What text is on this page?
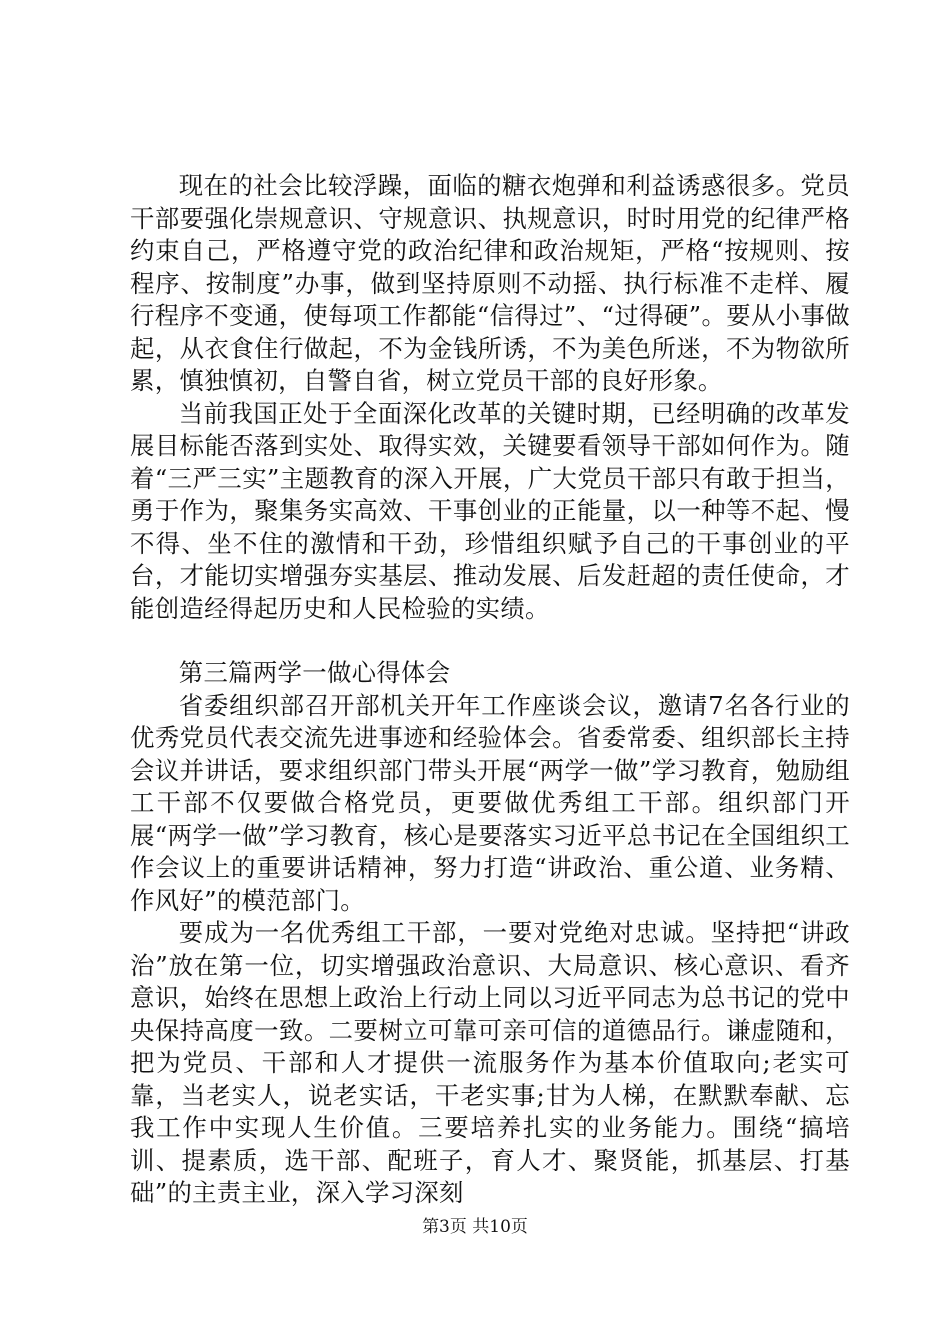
现在的社会比较浮躁，面临的糖衣炮弹和利益诱惑很多。党员干部要强化崇规意识、守规意识、执规意识，时时用党的纪律严格约束自己，严格遵守党的政治纪律和政治规矩，严格“按规则、按程序、按制度”办事，做到坚持原则不动摇、执行标准不走样、履行程序不变通，使每项工作都能“信得过”、“过得硬”。要从小事做起，从衣食住行做起，不为金钱所诱，不为美色所迷，不为物欲所累，慎独慎初，自警自省，树立党员干部的良好形象。

当前我国正处于全面深化改革的关键时期，已经明确的改革发展目标能否落到实处、取得实效，关键要看领导干部如何作为。随着“三严三实”主题教育的深入开展，广大党员干部只有敢于担当，勇于作为，聚集务实高效、干事创业的正能量，以一种等不起、慢不得、坐不住的激情和干劲，珍惜组织赋予自己的干事创业的平台，才能切实增强夯实基层、推动发展、后发赶超的责任使命，才能创造经得起历史和人民检验的实绩。

第三篇两学一做心得体会

省委组织部召开部机关开年工作座谈会议，邀请7名各行业的优秀党员代表交流先进事迹和经验体会。省委常委、组织部长主持会议并讲话，要求组织部门带头开展“两学一做”学习教育，勉励组工干部不仅要做合格党员，更要做优秀组工干部。组织部门开展“两学一做”学习教育，核心是要落实习近平总书记在全国组织工作会议上的重要讲话精神，努力打造“讲政治、重公道、业务精、作风好”的模范部门。

要成为一名优秀组工干部，一要对党绝对忠诚。坚持把“讲政治”放在第一位，切实增强政治意识、大局意识、核心意识、看齐意识，始终在思想上政治上行动上同以习近平同志为总书记的党中央保持高度一致。二要树立可靠可亲可信的道德品行。谦虚随和，把为党员、干部和人才提供一流服务作为基本价值取向;老实可靠，当老实人，说老实话，干老实事;甘为人梯，在默默奉献、忘我工作中实现人生价值。三要培养扎实的业务能力。围绕“搞培训、提素质，选干部、配班子，育人才、聚贤能，抓基层、打基础”的主责主业，深入学习深刻

第3页 共10页
